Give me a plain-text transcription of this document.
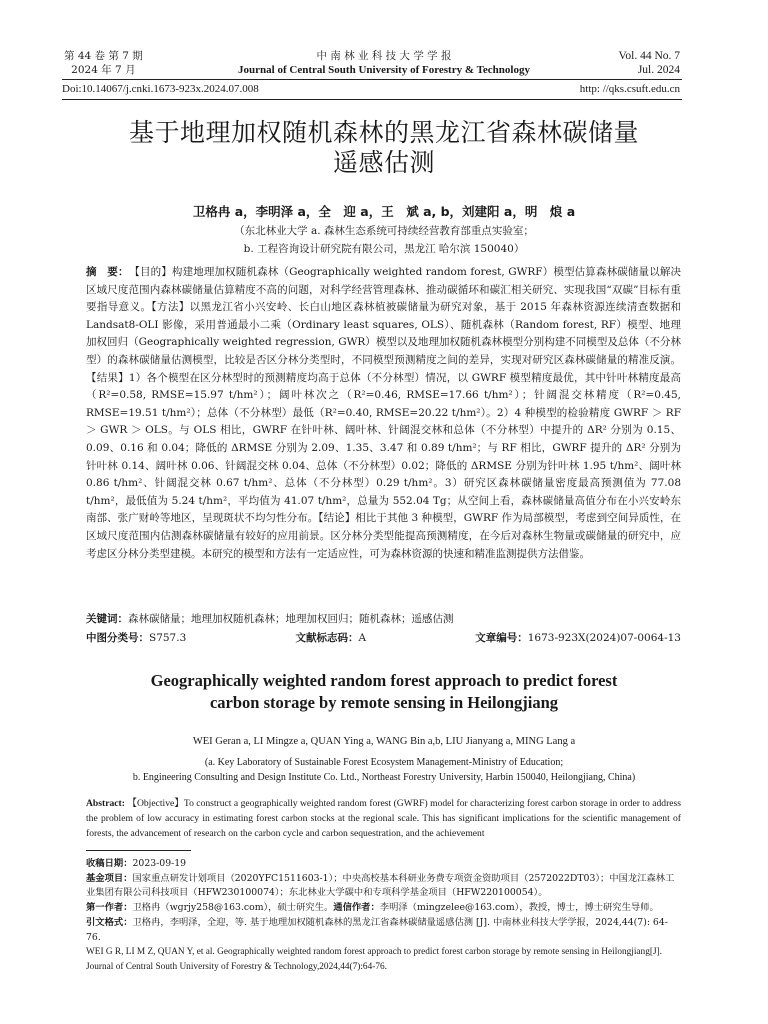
第 44 卷 第 7 期
2024 年 7 月
中 南 林 业 科 技 大 学 学 报
Journal of Central South University of Forestry & Technology
Vol. 44 No. 7
Jul. 2024
Doi:10.14067/j.cnki.1673-923x.2024.07.008	http: //qks.csuft.edu.cn
基于地理加权随机森林的黑龙江省森林碳储量
遥感估测
卫格冉 a，李明泽 a，全　迎 a，王　斌 a, b，刘建阳 a，明　烺 a
（东北林业大学 a. 森林生态系统可持续经营教育部重点实验室；
b. 工程咨询设计研究院有限公司，黑龙江 哈尔滨 150040）
摘　要： 【目的】构建地理加权随机森林（Geographically weighted random forest, GWRF）模型估算森林碳储量以解决区域尺度范围内森林碳储量估算精度不高的问题，对科学经营管理森林、推动碳循环和碳汇相关研究、实现我国“双碳”目标有重要指导意义。【方法】以黑龙江省小兴安岭、长白山地区森林植被碳储量为研究对象，基于 2015 年森林资源连续清查数据和 Landsat8-OLI 影像，采用普通最小二乘（Ordinary least squares, OLS）、随机森林（Random forest, RF）模型、地理加权回归（Geographically weighted regression, GWR）模型以及地理加权随机森林模型分别构建不同模型及总体（不分林型）的森林碳储量估测模型，比较是否区分林分类型时，不同模型预测精度之间的差异，实现对研究区森林碳储量的精准反演。【结果】1）各个模型在区分林型时的预测精度均高于总体（不分林型）情况，以 GWRF 模型精度最优，其中针叶林精度最高（R²=0.58, RMSE=15.97 t/hm²）；阔叶林次之（R²=0.46, RMSE=17.66 t/hm²）；针阔混交林精度（R²=0.45, RMSE=19.51 t/hm²）；总体（不分林型）最低（R²=0.40, RMSE=20.22 t/hm²）。2）4 种模型的检验精度 GWRF ＞ RF ＞ GWR ＞ OLS。与 OLS 相比，GWRF 在针叶林、阔叶林、针阔混交林和总体（不分林型）中提升的 ΔR² 分别为 0.15、0.09、0.16 和 0.04；降低的 ΔRMSE 分别为 2.09、1.35、3.47 和 0.89 t/hm²；与 RF 相比，GWRF 提升的 ΔR² 分别为针叶林 0.14、阔叶林 0.06、针阔混交林 0.04、总体（不分林型）0.02；降低的 ΔRMSE 分别为针叶林 1.95 t/hm²、阔叶林 0.86 t/hm²、针阔混交林 0.67 t/hm²、总体（不分林型）0.29 t/hm²。3）研究区森林碳储量密度最高预测值为 77.08 t/hm²，最低值为 5.24 t/hm²，平均值为 41.07 t/hm²，总量为 552.04 Tg；从空间上看，森林碳储量高值分布在小兴安岭东南部、张广财岭等地区，呈现斑状不均匀性分布。【结论】相比于其他 3 种模型，GWRF 作为局部模型，考虑到空间异质性，在区域尺度范围内估测森林碳储量有较好的应用前景。区分林分类型能提高预测精度，在今后对森林生物量或碳储量的研究中，应考虑区分林分类型建模。本研究的模型和方法有一定适应性，可为森林资源的快速和精准监测提供方法借鉴。
关键词：森林碳储量；地理加权随机森林；地理加权回归；随机森林；遥感估测
中图分类号：S757.3	文献标志码：A	文章编号：1673-923X(2024)07-0064-13
Geographically weighted random forest approach to predict forest
carbon storage by remote sensing in Heilongjiang
WEI Geran a, LI Mingze a, QUAN Ying a, WANG Bin a,b, LIU Jianyang a, MING Lang a
(a. Key Laboratory of Sustainable Forest Ecosystem Management-Ministry of Education;
b. Engineering Consulting and Design Institute Co. Ltd., Northeast Forestry University, Harbin 150040, Heilongjiang, China)
Abstract: 【Objective】To construct a geographically weighted random forest (GWRF) model for characterizing forest carbon storage in order to address the problem of low accuracy in estimating forest carbon stocks at the regional scale. This has significant implications for the scientific management of forests, the advancement of research on the carbon cycle and carbon sequestration, and the achievement

收稿日期：2023-09-19

基金项目：国家重点研发计划项目（2020YFC1511603-1）；中央高校基本科研业务费专项资金资助项目（2572022DT03）；中国龙江森林工业集团有限公司科技项目（HFW230100074）；东北林业大学碳中和专项科学基金项目（HFW220100054）。

第一作者：卫格冉（wgrjy258@163.com），硕士研究生。通信作者：李明泽（mingzelee@163.com），教授，博士，博士研究生导师。

引文格式：卫格冉，李明泽，全迎，等. 基于地理加权随机森林的黑龙江省森林碳储量遥感估测 [J]. 中南林业科技大学学报，2024,44(7): 64-76.

WEI G R, LI M Z, QUAN Y, et al. Geographically weighted random forest approach to predict forest carbon storage by remote sensing in Heilongjiang[J]. Journal of Central South University of Forestry & Technology,2024,44(7):64-76.
